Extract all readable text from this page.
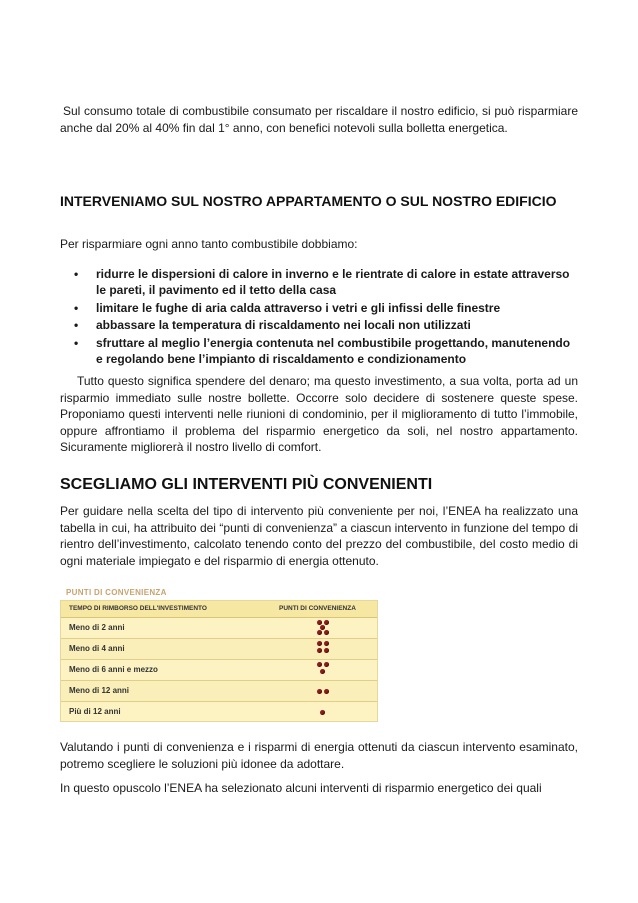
Sul consumo totale di combustibile consumato per riscaldare il nostro edificio, si può risparmiare anche dal 20% al 40% fin dal 1° anno, con benefici notevoli sulla bolletta energetica.

INTERVENIAMO SUL NOSTRO APPARTAMENTO O SUL NOSTRO EDIFICIO

Per risparmiare ogni anno tanto combustibile dobbiamo:

• ridurre le dispersioni di calore in inverno e le rientrate di calore in estate attraverso le pareti, il pavimento ed il tetto della casa
• limitare le fughe di aria calda attraverso i vetri e gli infissi delle finestre
• abbassare la temperatura di riscaldamento nei locali non utilizzati
• sfruttare al meglio l’energia contenuta nel combustibile progettando, manutenendo e regolando bene l’impianto di riscaldamento e condizionamento

Tutto questo significa spendere del denaro; ma questo investimento, a sua volta, porta ad un risparmio immediato sulle nostre bollette. Occorre solo decidere di sostenere queste spese. Proponiamo questi interventi nelle riunioni di condominio, per il miglioramento di tutto l’immobile, oppure affrontiamo il problema del risparmio energetico da soli, nel nostro appartamento. Sicuramente migliorerà il nostro livello di comfort.

SCEGLIAMO GLI INTERVENTI PIÙ CONVENIENTI

Per guidare nella scelta del tipo di intervento più conveniente per noi, l’ENEA ha realizzato una tabella in cui, ha attribuito dei “punti di convenienza” a ciascun intervento in funzione del tempo di rientro dell’investimento, calcolato tenendo conto del prezzo del combustibile, del costo medio di ogni materiale impiegato e del risparmio di energia ottenuto.

PUNTI DI CONVENIENZA
TEMPO DI RIMBORSO DELL'INVESTIMENTO	PUNTI DI CONVENIENZA
Meno di 2 anni
Meno di 4 anni
Meno di 6 anni e mezzo
Meno di 12 anni
Più di 12 anni

Valutando i punti di convenienza e i risparmi di energia ottenuti da ciascun intervento esaminato, potremo scegliere le soluzioni più idonee da adottare.

In questo opuscolo l’ENEA ha selezionato alcuni interventi di risparmio energetico dei quali
